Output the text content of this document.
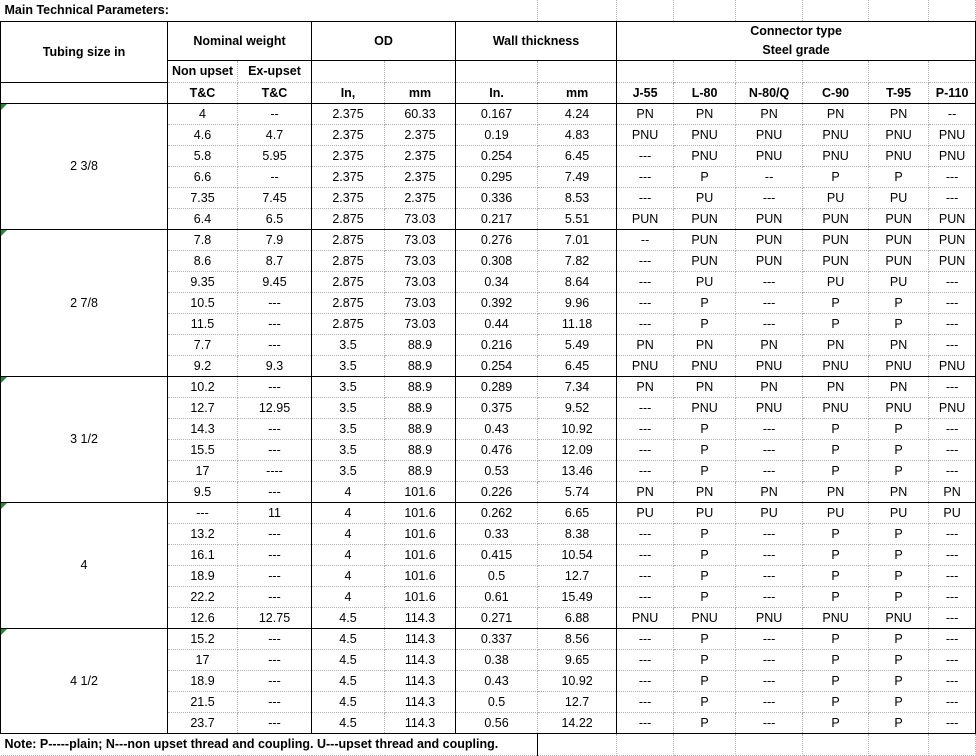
Main Technical Parameters:												
Tubing size in	Nominal weight		OD		Wall thickness		Connector type
Steel grade					

	Non upset	Ex-upset										
	T&C	T&C	In,	mm	In.	mm	J-55	L-80	N-80/Q	C-90	T-95	P-110

2 3/8	4	--	2.375	60.33	0.167	4.24	PN	PN	PN	PN	PN	--
	4.6	4.7	2.375	2.375	0.19	4.83	PNU	PNU	PNU	PNU	PNU	PNU
	5.8	5.95	2.375	2.375	0.254	6.45	---	PNU	PNU	PNU	PNU	PNU
	6.6	--	2.375	2.375	0.295	7.49	---	P	--	P	P	---
	7.35	7.45	2.375	2.375	0.336	8.53	---	PU	---	PU	PU	---
	6.4	6.5	2.875	73.03	0.217	5.51	PUN	PUN	PUN	PUN	PUN	PUN

2 7/8	7.8	7.9	2.875	73.03	0.276	7.01	--	PUN	PUN	PUN	PUN	PUN
	8.6	8.7	2.875	73.03	0.308	7.82	---	PUN	PUN	PUN	PUN	PUN
	9.35	9.45	2.875	73.03	0.34	8.64	---	PU	---	PU	PU	---
	10.5	---	2.875	73.03	0.392	9.96	---	P	---	P	P	---
	11.5	---	2.875	73.03	0.44	11.18	---	P	---	P	P	---
	7.7	---	3.5	88.9	0.216	5.49	PN	PN	PN	PN	PN	---
	9.2	9.3	3.5	88.9	0.254	6.45	PNU	PNU	PNU	PNU	PNU	PNU

3 1/2	10.2	---	3.5	88.9	0.289	7.34	PN	PN	PN	PN	PN	---
	12.7	12.95	3.5	88.9	0.375	9.52	---	PNU	PNU	PNU	PNU	PNU
	14.3	---	3.5	88.9	0.43	10.92	---	P	---	P	P	---
	15.5	---	3.5	88.9	0.476	12.09	---	P	---	P	P	---
	17	----	3.5	88.9	0.53	13.46	---	P	---	P	P	---
	9.5	---	4	101.6	0.226	5.74	PN	PN	PN	PN	PN	PN

4	---	11	4	101.6	0.262	6.65	PU	PU	PU	PU	PU	PU
	13.2	---	4	101.6	0.33	8.38	---	P	---	P	P	---
	16.1	---	4	101.6	0.415	10.54	---	P	---	P	P	---
	18.9	---	4	101.6	0.5	12.7	---	P	---	P	P	---
	22.2	---	4	101.6	0.61	15.49	---	P	---	P	P	---
	12.6	12.75	4.5	114.3	0.271	6.88	PNU	PNU	PNU	PNU	PNU	---

4 1/2	15.2	---	4.5	114.3	0.337	8.56	---	P	---	P	P	---
	17	---	4.5	114.3	0.38	9.65	---	P	---	P	P	---
	18.9	---	4.5	114.3	0.43	10.92	---	P	---	P	P	---
	21.5	---	4.5	114.3	0.5	12.7	---	P	---	P	P	---
	23.7	---	4.5	114.3	0.56	14.22	---	P	---	P	P	---
Note: P-----plain; N---non upset thread and coupling. U---upset thread and coupling.												
